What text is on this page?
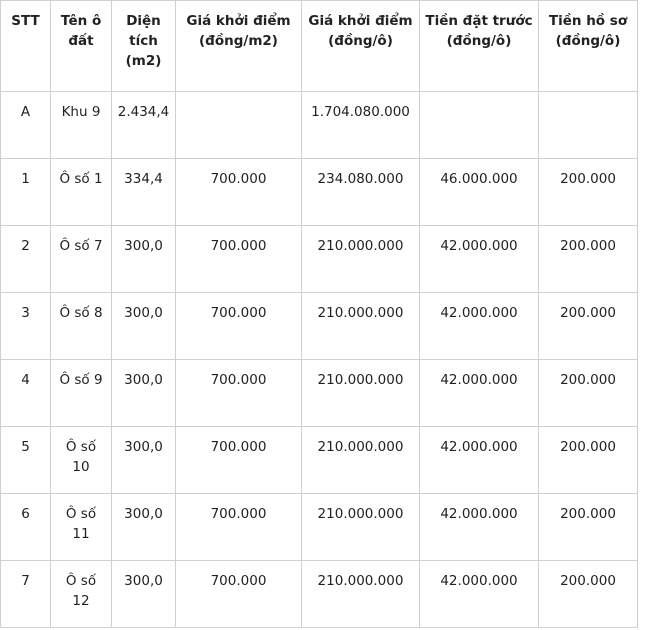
STT	Tên ô đất	Diện tích (m2)	Giá khởi điểm (đồng/m2)	Giá khởi điểm (đồng/ô)	Tiền đặt trước (đồng/ô)	Tiền hồ sơ (đồng/ô)
A	Khu 9	2.434,4		1.704.080.000		
1	Ô số 1	334,4	700.000	234.080.000	46.000.000	200.000
2	Ô số 7	300,0	700.000	210.000.000	42.000.000	200.000
3	Ô số 8	300,0	700.000	210.000.000	42.000.000	200.000
4	Ô số 9	300,0	700.000	210.000.000	42.000.000	200.000
5	Ô số 10	300,0	700.000	210.000.000	42.000.000	200.000
6	Ô số 11	300,0	700.000	210.000.000	42.000.000	200.000
7	Ô số 12	300,0	700.000	210.000.000	42.000.000	200.000
